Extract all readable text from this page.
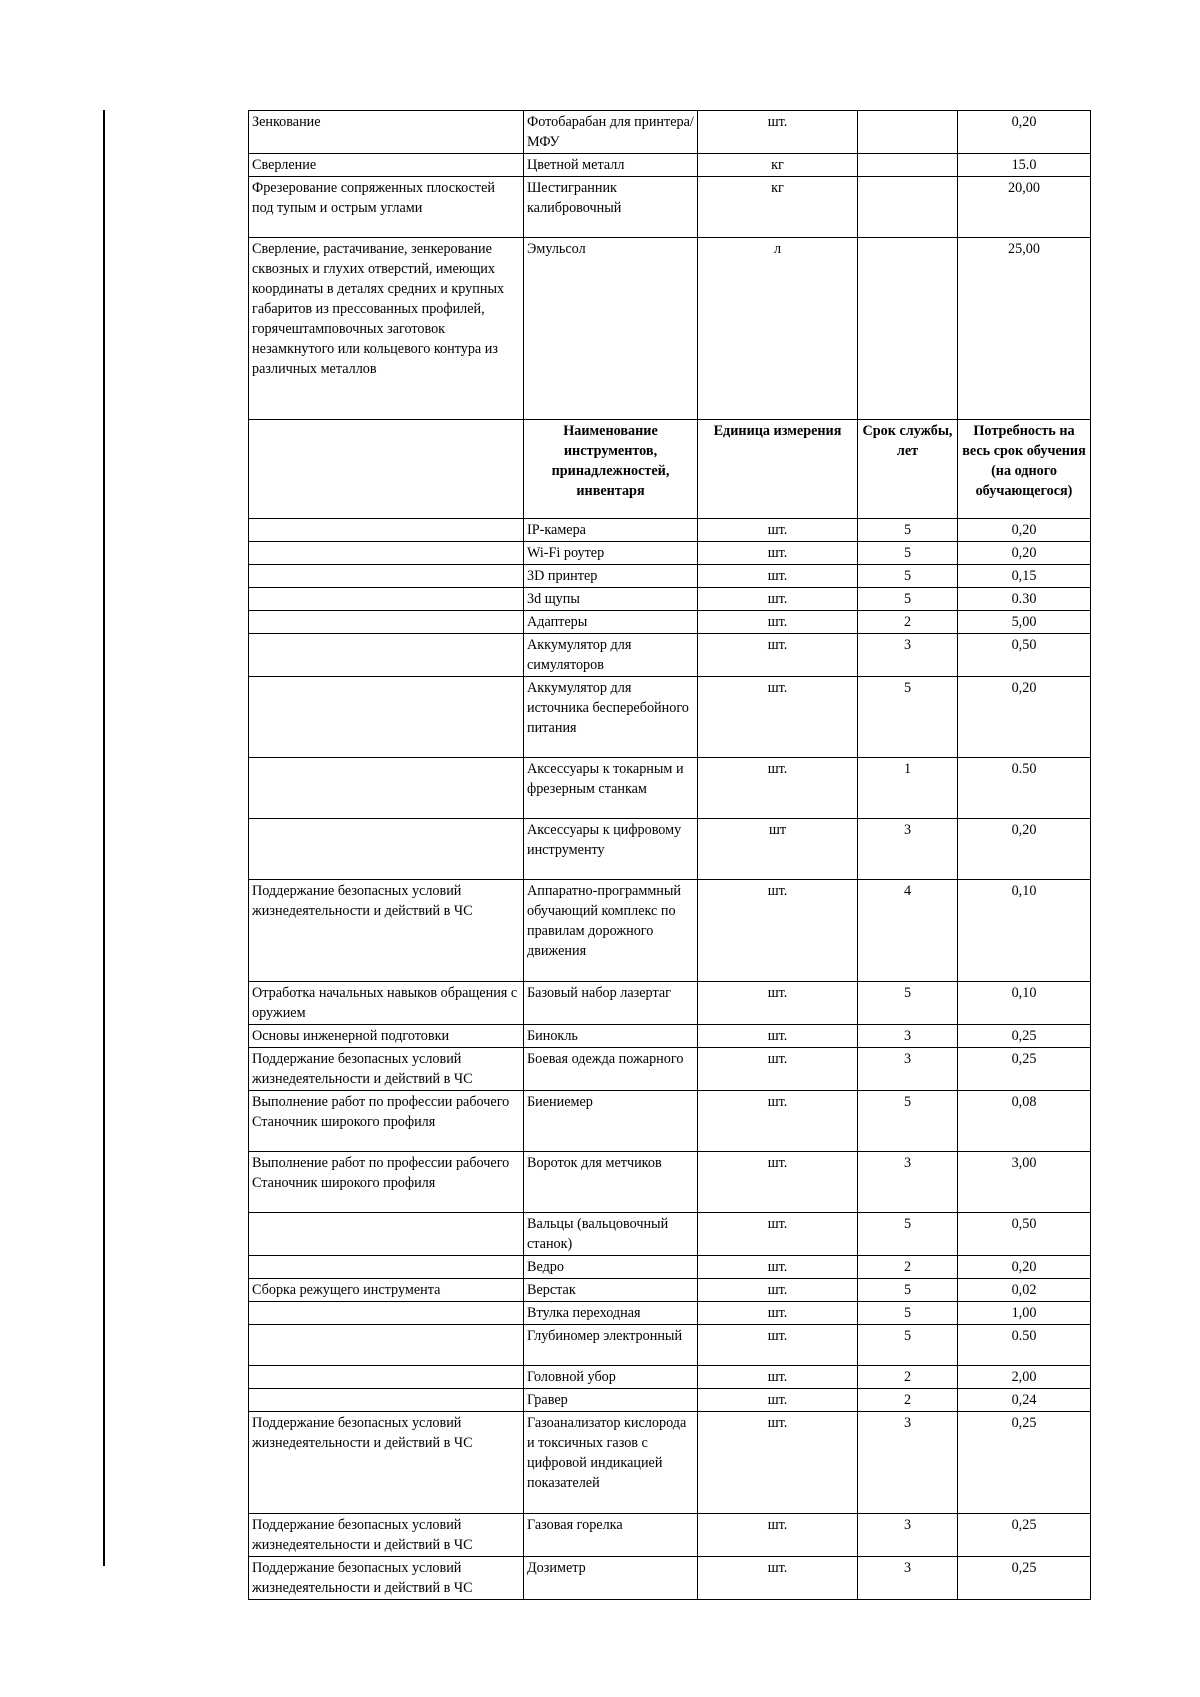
Зенкование	Фотобарабан для принтера/МФУ	шт.		0,20
Сверление	Цветной металл	кг		15.0
Фрезерование сопряженных плоскостей под тупым и острым углами	Шестигранник калибровочный	кг		20,00
Сверление, растачивание, зенкерование сквозных и глухих отверстий, имеющих координаты в деталях средних и крупных габаритов из прессованных профилей, горячештамповочных заготовок незамкнутого или кольцевого контура из различных металлов	Эмульсол	л		25,00
	Наименование инструментов, принадлежностей, инвентаря	Единица измерения	Срок службы, лет	Потребность на весь срок обучения (на одного обучающегося)
	IP-камера	шт.	5	0,20
	Wi-Fi роутер	шт.	5	0,20
	3D принтер	шт.	5	0,15
	3d щупы	шт.	5	0.30
	Адаптеры	шт.	2	5,00
	Аккумулятор для симуляторов	шт.	3	0,50
	Аккумулятор для источника бесперебойного питания	шт.	5	0,20
	Аксессуары к токарным и фрезерным станкам	шт.	1	0.50
	Аксессуары к цифровому инструменту	шт	3	0,20
Поддержание безопасных условий жизнедеятельности и действий в ЧС	Аппаратно-программный обучающий комплекс по правилам дорожного движения	шт.	4	0,10
Отработка начальных навыков обращения с оружием	Базовый набор лазертаг	шт.	5	0,10
Основы инженерной подготовки	Бинокль	шт.	3	0,25
Поддержание безопасных условий жизнедеятельности и действий в ЧС	Боевая одежда пожарного	шт.	3	0,25
Выполнение работ по профессии рабочего Станочник широкого профиля	Биениемер	шт.	5	0,08
Выполнение работ по профессии рабочего Станочник широкого профиля	Вороток для метчиков	шт.	3	3,00
	Вальцы (вальцовочный станок)	шт.	5	0,50
	Ведро	шт.	2	0,20
Сборка режущего инструмента	Верстак	шт.	5	0,02
	Втулка переходная	шт.	5	1,00
	Глубиномер электронный	шт.	5	0.50
	Головной убор	шт.	2	2,00
	Гравер	шт.	2	0,24
Поддержание безопасных условий жизнедеятельности и действий в ЧС	Газоанализатор кислорода и токсичных газов с цифровой индикацией показателей	шт.	3	0,25
Поддержание безопасных условий жизнедеятельности и действий в ЧС	Газовая горелка	шт.	3	0,25
Поддержание безопасных условий жизнедеятельности и действий в ЧС	Дозиметр	шт.	3	0,25
